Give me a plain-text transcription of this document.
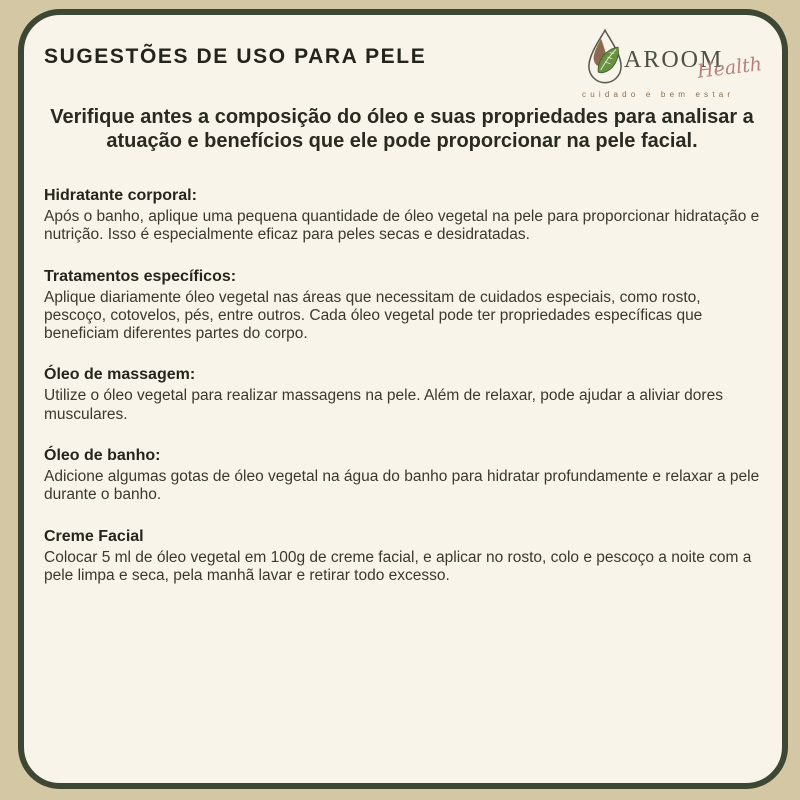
SUGESTÕES DE USO PARA PELE	AROOM
Health
cuidado e bem estar

Verifique antes a composição do óleo e suas propriedades para analisar a atuação e benefícios que ele pode proporcionar na pele facial.

Hidratante corporal:

Após o banho, aplique uma pequena quantidade de óleo vegetal na pele para proporcionar hidratação e nutrição. Isso é especialmente eficaz para peles secas e desidratadas.

Tratamentos específicos:

Aplique diariamente óleo vegetal nas áreas que necessitam de cuidados especiais, como rosto, pescoço, cotovelos, pés, entre outros. Cada óleo vegetal pode ter propriedades específicas que beneficiam diferentes partes do corpo.

Óleo de massagem:

Utilize o óleo vegetal para realizar massagens na pele. Além de relaxar, pode ajudar a aliviar dores musculares.

Óleo de banho:

Adicione algumas gotas de óleo vegetal na água do banho para hidratar profundamente e relaxar a pele durante o banho.

Creme Facial

Colocar 5 ml de óleo vegetal em 100g de creme facial, e aplicar no rosto, colo e pescoço a noite com a pele limpa e seca, pela manhã lavar e retirar todo excesso.
